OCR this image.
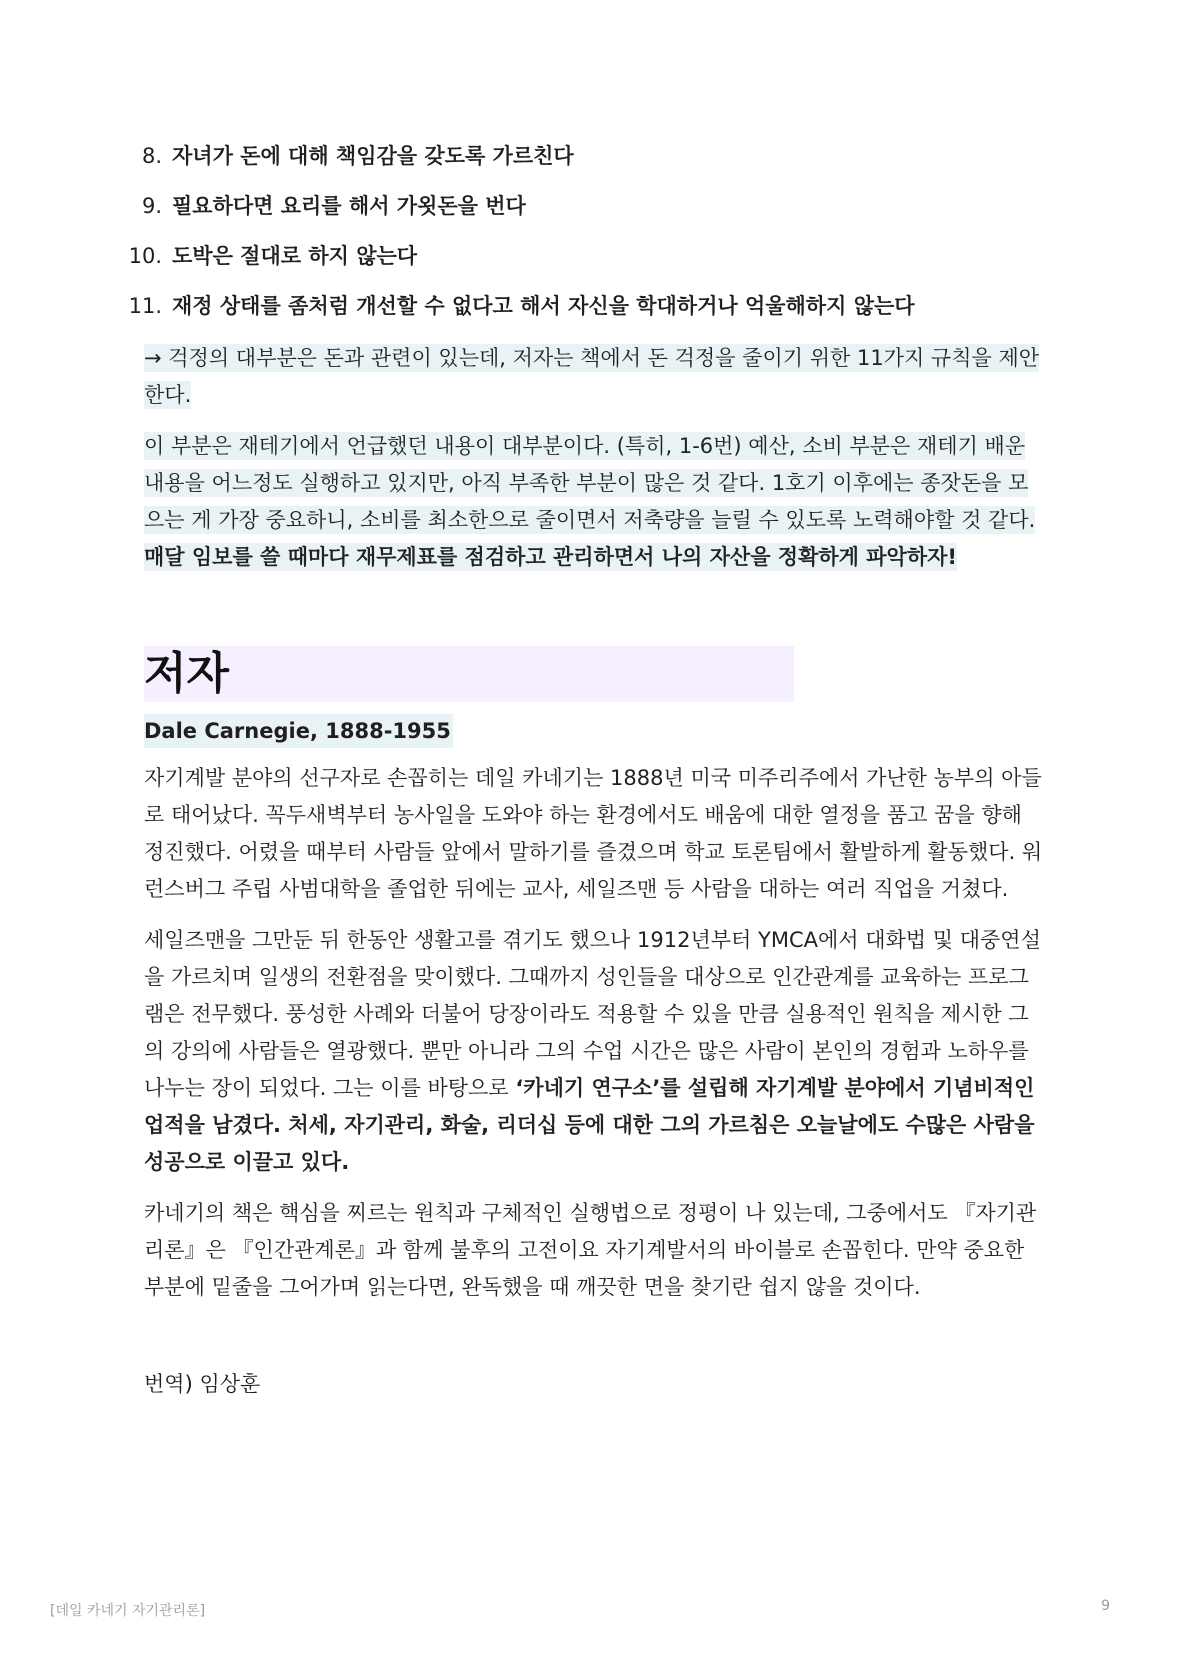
8. 자녀가 돈에 대해 책임감을 갖도록 가르친다
9. 필요하다면 요리를 해서 가욋돈을 번다
10. 도박은 절대로 하지 않는다
11. 재정 상태를 좀처럼 개선할 수 없다고 해서 자신을 학대하거나 억울해하지 않는다

→ 걱정의 대부분은 돈과 관련이 있는데, 저자는 책에서 돈 걱정을 줄이기 위한 11가지 규칙을 제안한다.

이 부분은 재테기에서 언급했던 내용이 대부분이다. (특히, 1-6번) 예산, 소비 부분은 재테기 배운 내용을 어느정도 실행하고 있지만, 아직 부족한 부분이 많은 것 같다. 1호기 이후에는 종잣돈을 모으는 게 가장 중요하니, 소비를 최소한으로 줄이면서 저축량을 늘릴 수 있도록 노력해야할 것 같다. 매달 임보를 쓸 때마다 재무제표를 점검하고 관리하면서 나의 자산을 정확하게 파악하자!

저자
Dale Carnegie, 1888-1955

자기계발 분야의 선구자로 손꼽히는 데일 카네기는 1888년 미국 미주리주에서 가난한 농부의 아들로 태어났다. 꼭두새벽부터 농사일을 도와야 하는 환경에서도 배움에 대한 열정을 품고 꿈을 향해 정진했다. 어렸을 때부터 사람들 앞에서 말하기를 즐겼으며 학교 토론팀에서 활발하게 활동했다. 워런스버그 주립 사범대학을 졸업한 뒤에는 교사, 세일즈맨 등 사람을 대하는 여러 직업을 거쳤다.

세일즈맨을 그만둔 뒤 한동안 생활고를 겪기도 했으나 1912년부터 YMCA에서 대화법 및 대중연설을 가르치며 일생의 전환점을 맞이했다. 그때까지 성인들을 대상으로 인간관계를 교육하는 프로그램은 전무했다. 풍성한 사례와 더불어 당장이라도 적용할 수 있을 만큼 실용적인 원칙을 제시한 그의 강의에 사람들은 열광했다. 뿐만 아니라 그의 수업 시간은 많은 사람이 본인의 경험과 노하우를 나누는 장이 되었다. 그는 이를 바탕으로 ‘카네기 연구소’를 설립해 자기계발 분야에서 기념비적인 업적을 남겼다. 처세, 자기관리, 화술, 리더십 등에 대한 그의 가르침은 오늘날에도 수많은 사람을 성공으로 이끌고 있다.

카네기의 책은 핵심을 찌르는 원칙과 구체적인 실행법으로 정평이 나 있는데, 그중에서도 『자기관리론』은 『인간관계론』과 함께 불후의 고전이요 자기계발서의 바이블로 손꼽힌다. 만약 중요한 부분에 밑줄을 그어가며 읽는다면, 완독했을 때 깨끗한 면을 찾기란 쉽지 않을 것이다.

번역) 임상훈
[데일 카네기 자기관리론]	9
